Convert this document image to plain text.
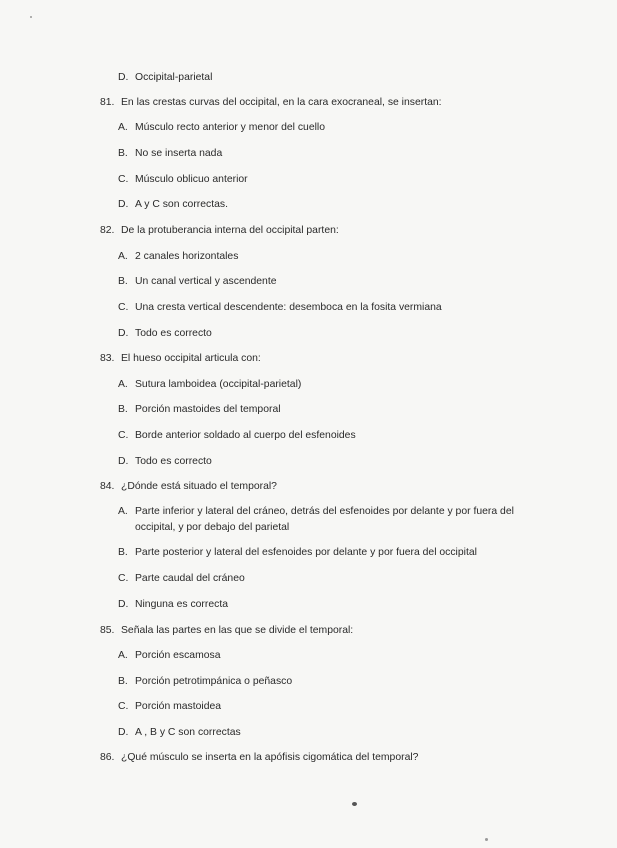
D. Occipital-parietal
81. En las crestas curvas del occipital, en la cara exocraneal, se insertan:
A. Músculo recto anterior y menor del cuello
B. No se inserta nada
C. Músculo oblicuo anterior
D. A y C son correctas.
82. De la protuberancia interna del occipital parten:
A. 2 canales horizontales
B. Un canal vertical y ascendente
C. Una cresta vertical descendente: desemboca en la fosita vermiana
D. Todo es correcto
83. El hueso occipital articula con:
A. Sutura lamboidea (occipital-parietal)
B. Porción mastoides del temporal
C. Borde anterior soldado al cuerpo del esfenoides
D. Todo es correcto
84. ¿Dónde está situado el temporal?
A. Parte inferior y lateral del cráneo, detrás del esfenoides por delante y por fuera del
occipital, y por debajo del parietal
B. Parte posterior y lateral del esfenoides por delante y por fuera del occipital
C. Parte caudal del cráneo
D. Ninguna es correcta
85. Señala las partes en las que se divide el temporal:
A. Porción escamosa
B. Porción petrotimpánica o peñasco
C. Porción mastoidea
D. A , B y C son correctas
86. ¿Qué músculo se inserta en la apófisis cigomática del temporal?
